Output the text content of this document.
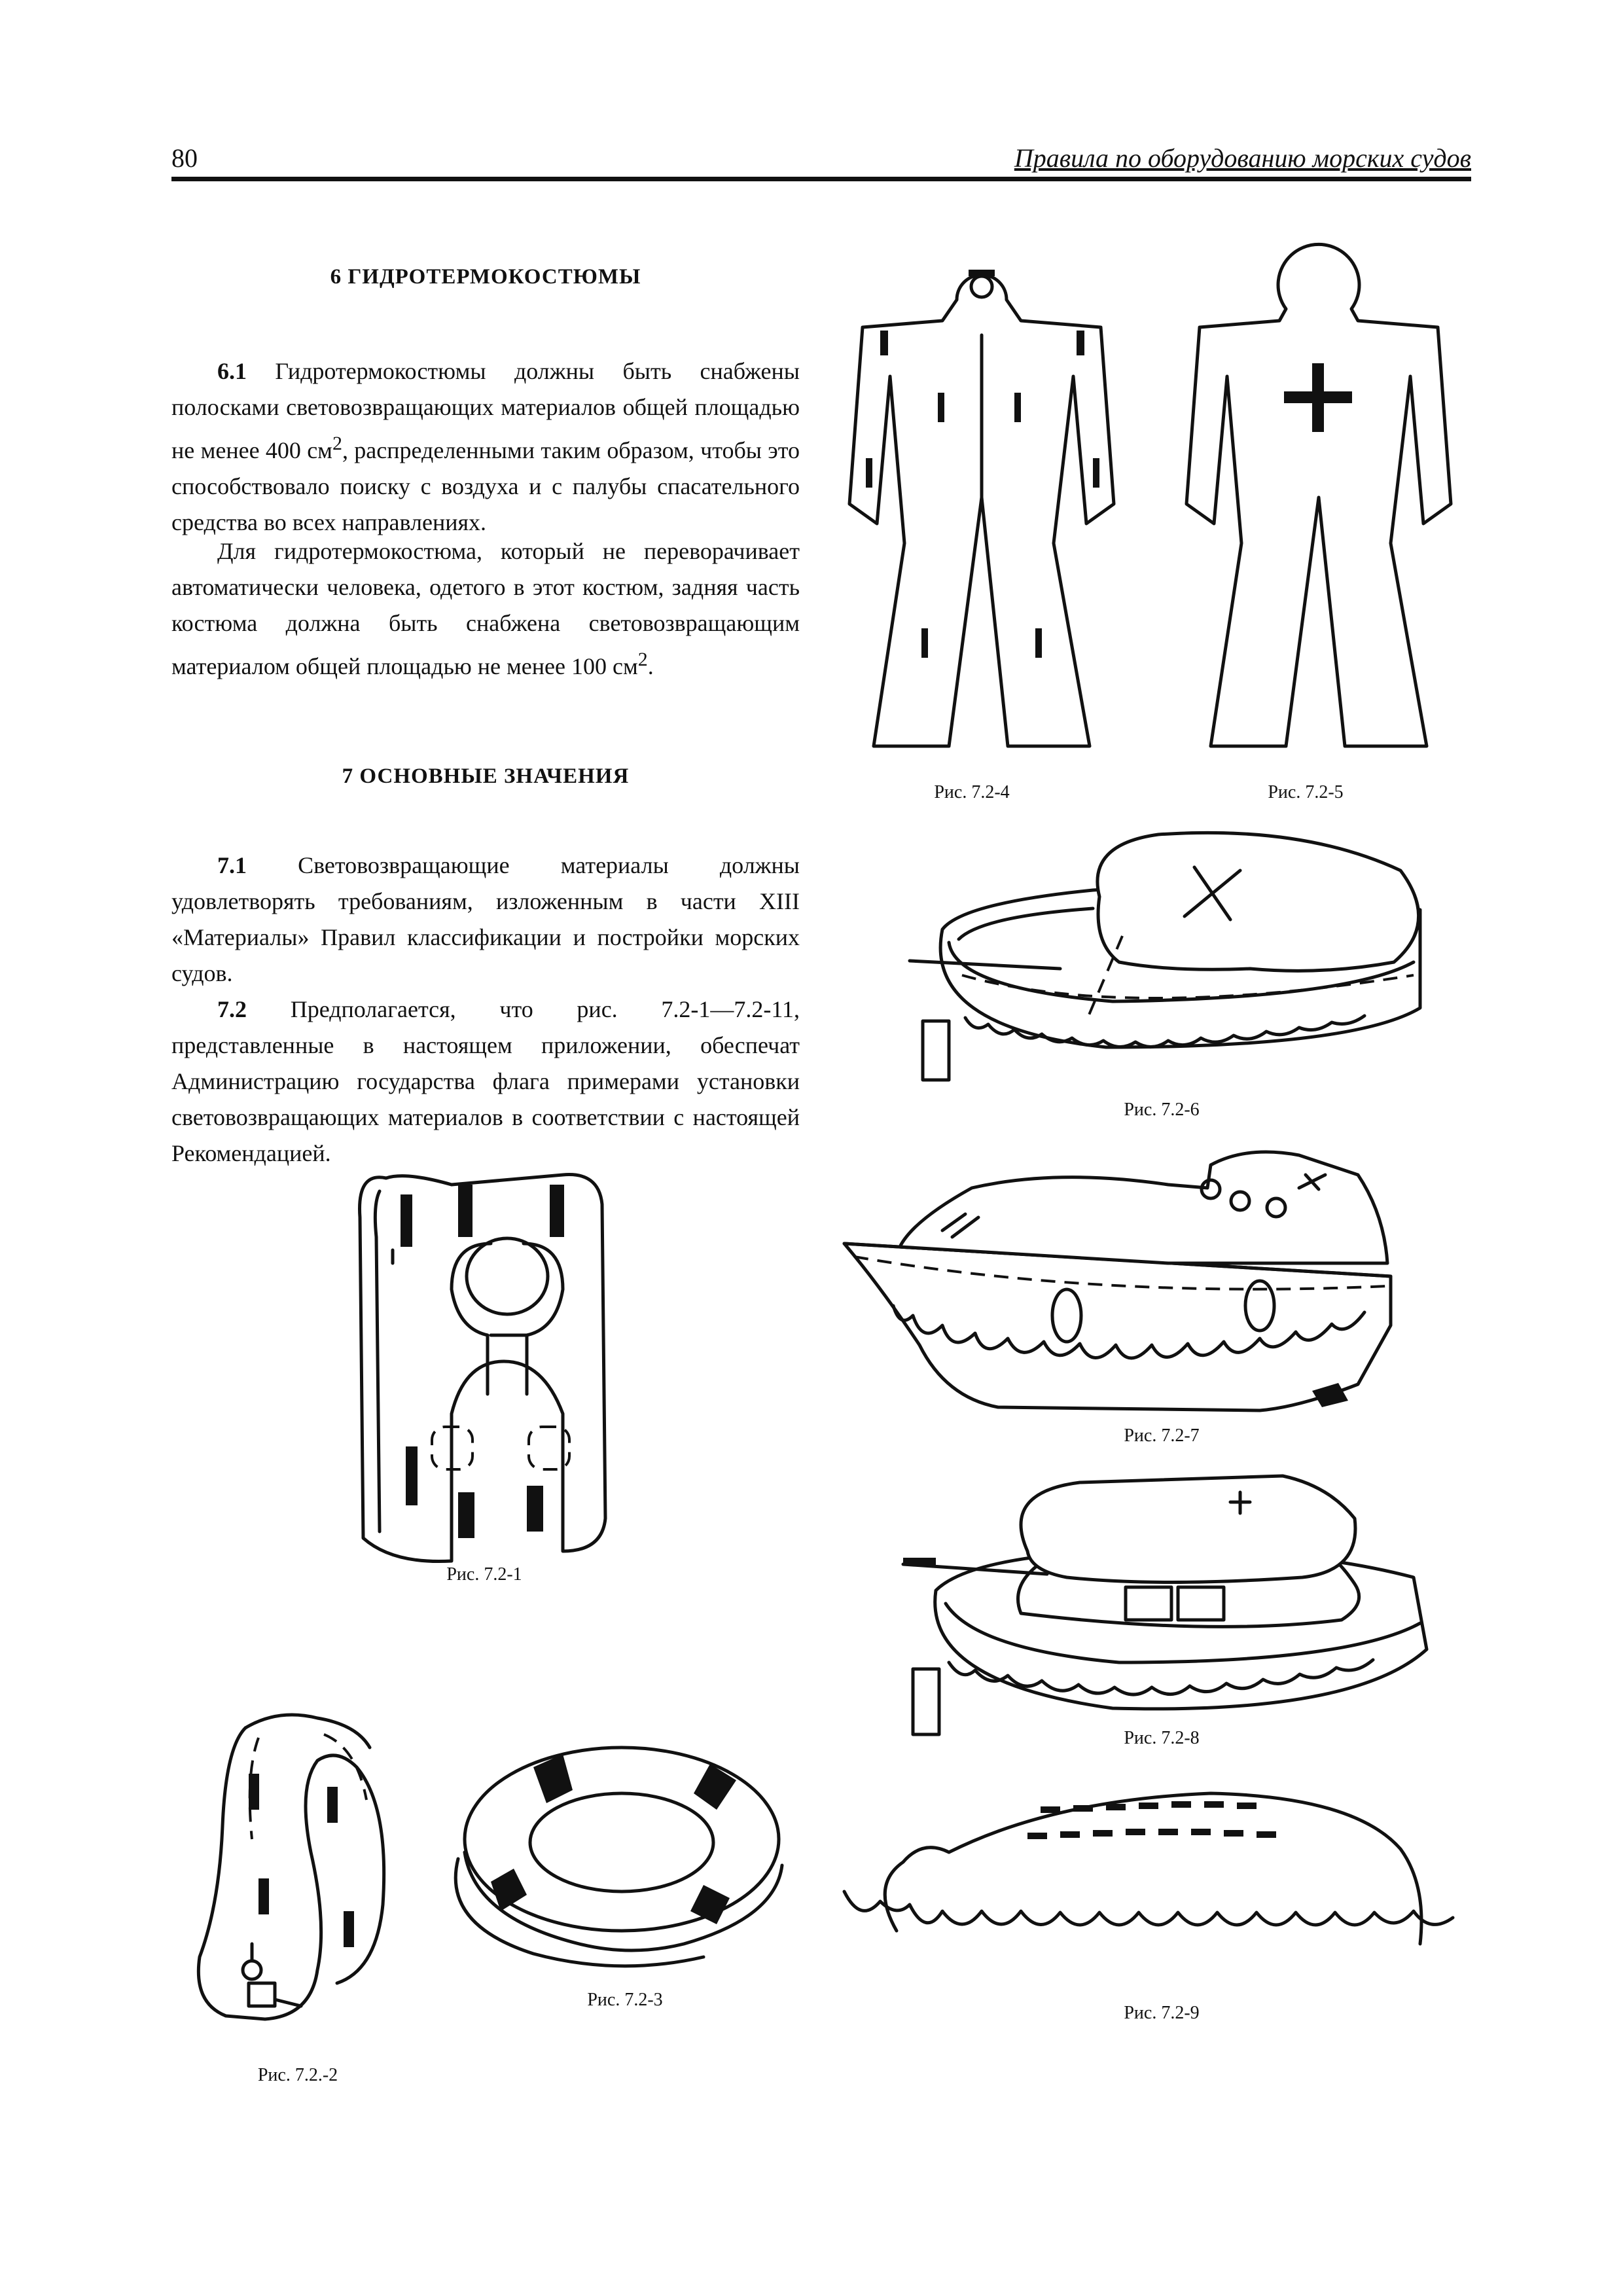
80	Правила по оборудованию морских судов
6 ГИДРОТЕРМОКОСТЮМЫ
6.1 Гидротермокостюмы должны быть снабжены полосками световозвращающих материалов общей площадью не менее 400 $см^2$, распределенными таким образом, чтобы это способствовало поиску с воздуха и с палубы спасательного средства во всех направлениях.
Для гидротермокостюма, который не переворачивает автоматически человека, одетого в этот костюм, задняя часть костюма должна быть снабжена световозвращающим материалом общей площадью не менее 100 $см^2$.
7 ОСНОВНЫЕ ЗНАЧЕНИЯ
7.1 Световозвращающие материалы должны удовлетворять требованиям, изложенным в части XIII «Материалы» Правил классификации и постройки морских судов.
7.2 Предполагается, что рис. 7.2-1—7.2-11, представленные в настоящем приложении, обеспечат Администрацию государства флага примерами установки световозвращающих материалов в соответствии с настоящей Рекомендацией.
Рис. 7.2-4	Рис. 7.2-5
Рис. 7.2-6
Рис. 7.2-7
Рис. 7.2-8
Рис. 7.2-9
Рис. 7.2-1
Рис. 7.2.-2
Рис. 7.2-3
